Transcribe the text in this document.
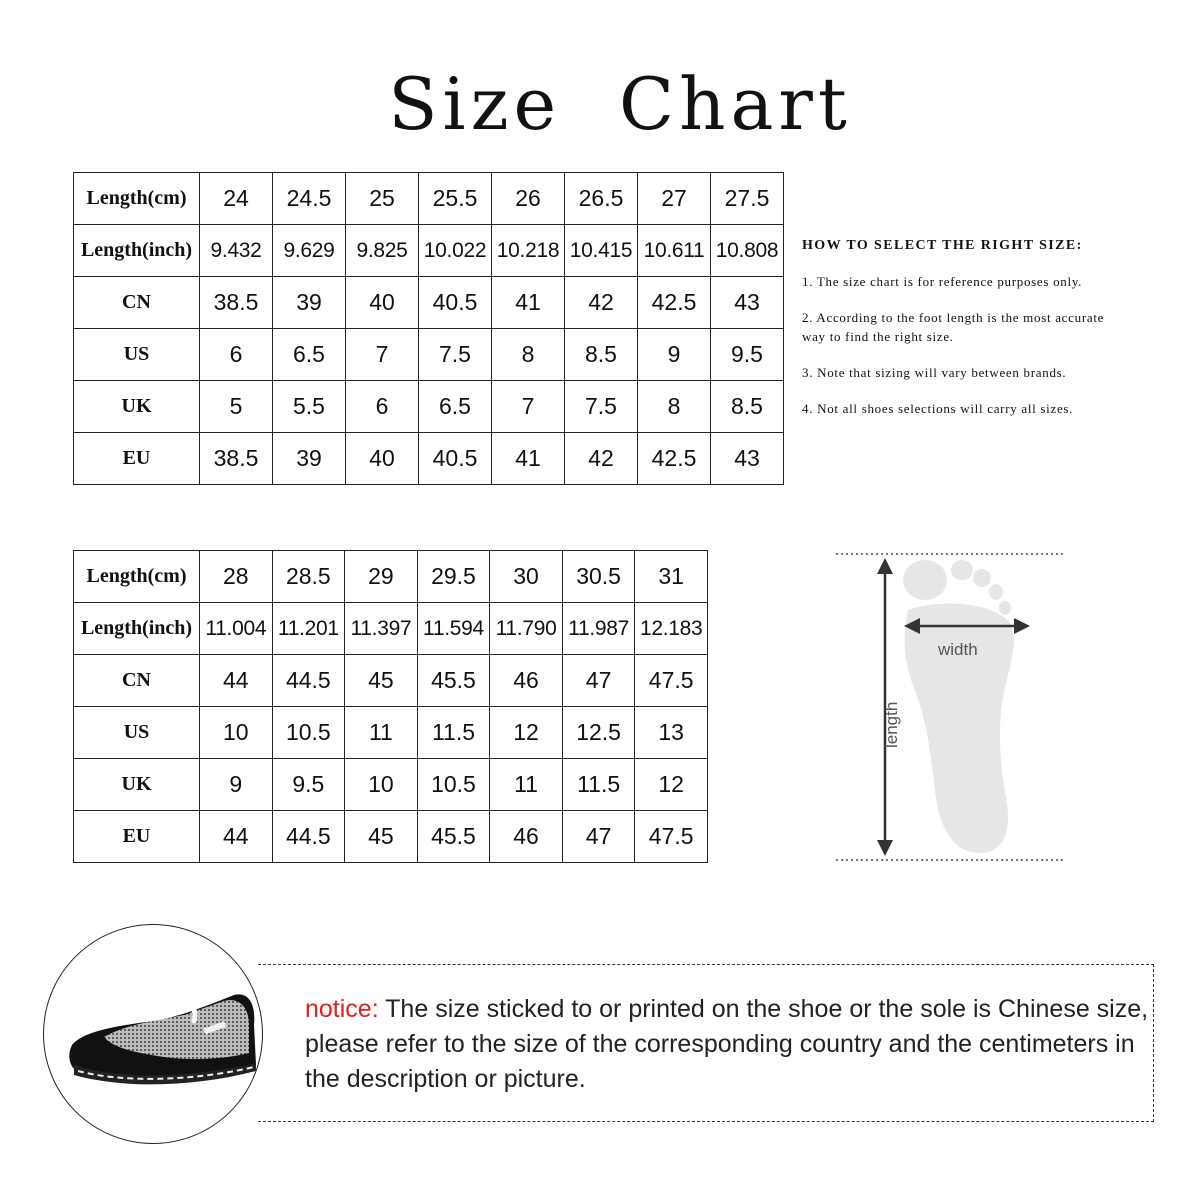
Size Chart
Length(cm)	24	24.5	25	25.5	26	26.5	27	27.5
Length(inch)	9.432	9.629	9.825	10.022	10.218	10.415	10.611	10.808
CN	38.5	39	40	40.5	41	42	42.5	43
US	6	6.5	7	7.5	8	8.5	9	9.5
UK	5	5.5	6	6.5	7	7.5	8	8.5
EU	38.5	39	40	40.5	41	42	42.5	43
Length(cm)	28	28.5	29	29.5	30	30.5	31
Length(inch)	11.004	11.201	11.397	11.594	11.790	11.987	12.183
CN	44	44.5	45	45.5	46	47	47.5
US	10	10.5	11	11.5	12	12.5	13
UK	9	9.5	10	10.5	11	11.5	12
EU	44	44.5	45	45.5	46	47	47.5
HOW TO SELECT THE RIGHT SIZE:

1. The size chart is for reference purposes only.

2. According to the foot length is the most accurate way to find the right size.

3. Note that sizing will vary between brands.

4. Not all shoes selections will carry all sizes.

width
length
notice: The size sticked to or printed on the shoe or the sole is Chinese size, please refer to the size of the corresponding country and the centimeters in the description or picture.
